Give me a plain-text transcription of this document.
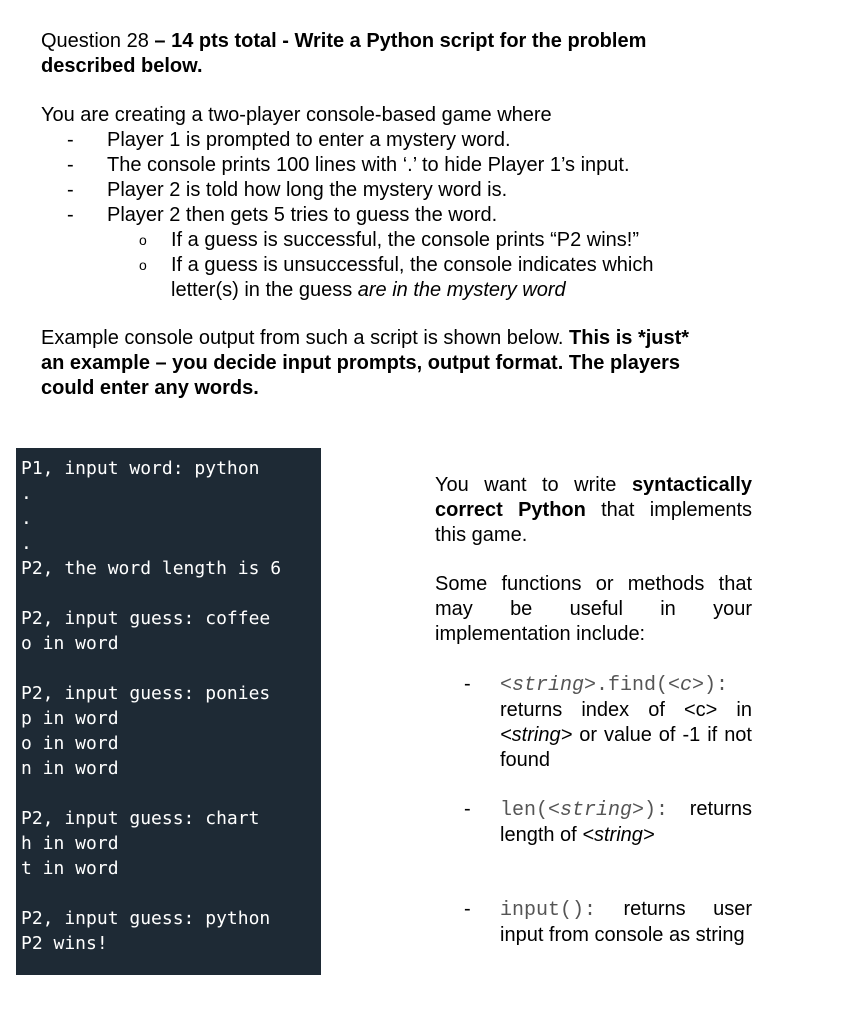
Question 28 – 14 pts total - Write a Python script for the problem described below.

You are creating a two-player console-based game where

- Player 1 is prompted to enter a mystery word.
- The console prints 100 lines with ‘.’ to hide Player 1’s input.
- Player 2 is told how long the mystery word is.
- Player 2 then gets 5 tries to guess the word.
o If a guess is successful, the console prints “P2 wins!”
o If a guess is unsuccessful, the console indicates which letter(s) in the guess are in the mystery word

Example console output from such a script is shown below. This is *just* an example – you decide input prompts, output format. The players could enter any words.

P1, input word: python
.
.
.
P2, the word length is 6
P2, input guess: coffee
o in word
P2, input guess: ponies
p in word
o in word
n in word
P2, input guess: chart
h in word
t in word
P2, input guess: python
P2 wins!
You want to write syntactically correct Python that implements this game.
Some functions or methods that may be useful in your implementation include:
- <string>.find(<c>): returns index of <c> in <string> or value of -1 if not found
- len(<string>): returns length of <string>
- input(): returns user input from console as string
